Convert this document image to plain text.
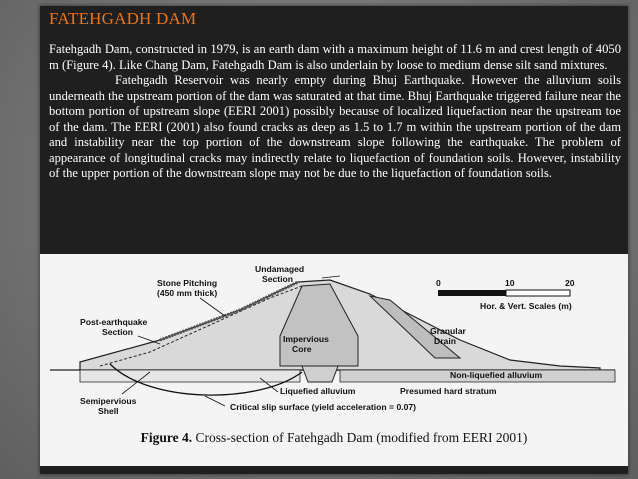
FATEHGADH DAM

Fatehgadh Dam, constructed in 1979, is an earth dam with a maximum height of 11.6 m and crest length of 4050 m (Figure 4). Like Chang Dam, Fatehgadh Dam is also underlain by loose to medium dense silt sand mixtures.

Fatehgadh Reservoir was nearly empty during Bhuj Earthquake. However the alluvium soils underneath the upstream portion of the dam was saturated at that time. Bhuj Earthquake triggered failure near the bottom portion of upstream slope (EERI 2001) possibly because of localized liquefaction near the upstream toe of the dam. The EERI (2001) also found cracks as deep as 1.5 to 1.7 m within the upstream portion of the dam and instability near the top portion of the downstream slope following the earthquake. The problem of appearance of longitudinal cracks may indirectly relate to liquefaction of foundation soils. However, instability of the upper portion of the downstream slope may not be due to the liquefaction of foundation soils.

Undamaged
Section
Stone Pitching
(450 mm thick)
Post-earthquake
Section
Impervious
Core
Granular
Drain
Non-liquefied alluvium
Liquefied alluvium	Presumed hard stratum
Semipervious
Shell	Critical slip surface (yield acceleration = 0.07)
0	10	20
Hor. & Vert. Scales (m)
Figure 4. Cross-section of Fatehgadh Dam (modified from EERI 2001)
